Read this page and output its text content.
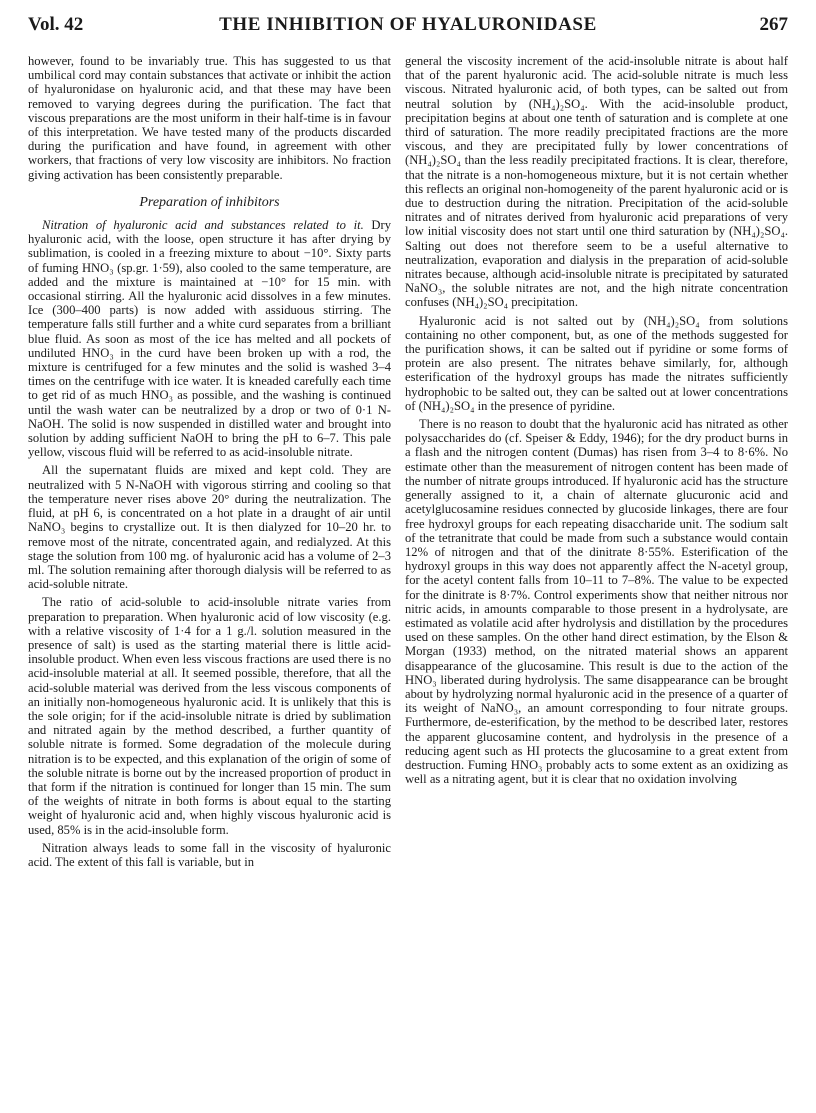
Vol. 42	THE INHIBITION OF HYALURONIDASE	267

however, found to be invariably true. This has suggested to us that umbilical cord may contain substances that activate or inhibit the action of hyaluronidase on hyaluronic acid, and that these may have been removed to varying degrees during the purification. The fact that viscous preparations are the most uniform in their half-time is in favour of this interpretation. We have tested many of the products discarded during the purification and have found, in agreement with other workers, that fractions of very low viscosity are inhibitors. No fraction giving activation has been consistently preparable.

Preparation of inhibitors

Nitration of hyaluronic acid and substances related to it. Dry hyaluronic acid, with the loose, open structure it has after drying by sublimation, is cooled in a freezing mixture to about −10°. Sixty parts of fuming HNO₃ (sp.gr. 1·59), also cooled to the same temperature, are added and the mixture is maintained at −10° for 15 min. with occasional stirring. All the hyaluronic acid dissolves in a few minutes. Ice (300–400 parts) is now added with assiduous stirring. The temperature falls still further and a white curd separates from a brilliant blue fluid. As soon as most of the ice has melted and all pockets of undiluted HNO₃ in the curd have been broken up with a rod, the mixture is centrifuged for a few minutes and the solid is washed 3–4 times on the centrifuge with ice water. It is kneaded carefully each time to get rid of as much HNO₃ as possible, and the washing is continued until the wash water can be neutralized by a drop or two of 0·1 N-NaOH. The solid is now suspended in distilled water and brought into solution by adding sufficient NaOH to bring the pH to 6–7. This pale yellow, viscous fluid will be referred to as acid-insoluble nitrate.

All the supernatant fluids are mixed and kept cold. They are neutralized with 5 N-NaOH with vigorous stirring and cooling so that the temperature never rises above 20° during the neutralization. The fluid, at pH 6, is concentrated on a hot plate in a draught of air until NaNO₃ begins to crystallize out. It is then dialyzed for 10–20 hr. to remove most of the nitrate, concentrated again, and redialyzed. At this stage the solution from 100 mg. of hyaluronic acid has a volume of 2–3 ml. The solution remaining after thorough dialysis will be referred to as acid-soluble nitrate.

The ratio of acid-soluble to acid-insoluble nitrate varies from preparation to preparation. When hyaluronic acid of low viscosity (e.g. with a relative viscosity of 1·4 for a 1 g./l. solution measured in the presence of salt) is used as the starting material there is little acid-insoluble product. When even less viscous fractions are used there is no acid-insoluble material at all. It seemed possible, therefore, that all the acid-soluble material was derived from the less viscous components of an initially non-homogeneous hyaluronic acid. It is unlikely that this is the sole origin; for if the acid-insoluble nitrate is dried by sublimation and nitrated again by the method described, a further quantity of soluble nitrate is formed. Some degradation of the molecule during nitration is to be expected, and this explanation of the origin of some of the soluble nitrate is borne out by the increased proportion of product in that form if the nitration is continued for longer than 15 min. The sum of the weights of nitrate in both forms is about equal to the starting weight of hyaluronic acid and, when highly viscous hyaluronic acid is used, 85% is in the acid-insoluble form.

Nitration always leads to some fall in the viscosity of hyaluronic acid. The extent of this fall is variable, but in

general the viscosity increment of the acid-insoluble nitrate is about half that of the parent hyaluronic acid. The acid-soluble nitrate is much less viscous. Nitrated hyaluronic acid, of both types, can be salted out from neutral solution by (NH₄)₂SO₄. With the acid-insoluble product, precipitation begins at about one tenth of saturation and is complete at one third of saturation. The more readily precipitated fractions are the more viscous, and they are precipitated fully by lower concentrations of (NH₄)₂SO₄ than the less readily precipitated fractions. It is clear, therefore, that the nitrate is a non-homogeneous mixture, but it is not certain whether this reflects an original non-homogeneity of the parent hyaluronic acid or is due to destruction during the nitration. Precipitation of the acid-soluble nitrates and of nitrates derived from hyaluronic acid preparations of very low initial viscosity does not start until one third saturation by (NH₄)₂SO₄. Salting out does not therefore seem to be a useful alternative to neutralization, evaporation and dialysis in the preparation of acid-soluble nitrates because, although acid-insoluble nitrate is precipitated by saturated NaNO₃, the soluble nitrates are not, and the high nitrate concentration confuses (NH₄)₂SO₄ precipitation.

Hyaluronic acid is not salted out by (NH₄)₂SO₄ from solutions containing no other component, but, as one of the methods suggested for the purification shows, it can be salted out if pyridine or some forms of protein are also present. The nitrates behave similarly, for, although esterification of the hydroxyl groups has made the nitrates sufficiently hydrophobic to be salted out, they can be salted out at lower concentrations of (NH₄)₂SO₄ in the presence of pyridine.

There is no reason to doubt that the hyaluronic acid has nitrated as other polysaccharides do (cf. Speiser & Eddy, 1946); for the dry product burns in a flash and the nitrogen content (Dumas) has risen from 3–4 to 8·6%. No estimate other than the measurement of nitrogen content has been made of the number of nitrate groups introduced. If hyaluronic acid has the structure generally assigned to it, a chain of alternate glucuronic acid and acetylglucosamine residues connected by glucoside linkages, there are four free hydroxyl groups for each repeating disaccharide unit. The sodium salt of the tetranitrate that could be made from such a substance would contain 12% of nitrogen and that of the dinitrate 8·55%. Esterification of the hydroxyl groups in this way does not apparently affect the N-acetyl group, for the acetyl content falls from 10–11 to 7–8%. The value to be expected for the dinitrate is 8·7%. Control experiments show that neither nitrous nor nitric acids, in amounts comparable to those present in a hydrolysate, are estimated as volatile acid after hydrolysis and distillation by the procedures used on these samples. On the other hand direct estimation, by the Elson & Morgan (1933) method, on the nitrated material shows an apparent disappearance of the glucosamine. This result is due to the action of the HNO₃ liberated during hydrolysis. The same disappearance can be brought about by hydrolyzing normal hyaluronic acid in the presence of a quarter of its weight of NaNO₃, an amount corresponding to four nitrate groups. Furthermore, de-esterification, by the method to be described later, restores the apparent glucosamine content, and hydrolysis in the presence of a reducing agent such as HI protects the glucosamine to a great extent from destruction. Fuming HNO₃ probably acts to some extent as an oxidizing as well as a nitrating agent, but it is clear that no oxidation involving
